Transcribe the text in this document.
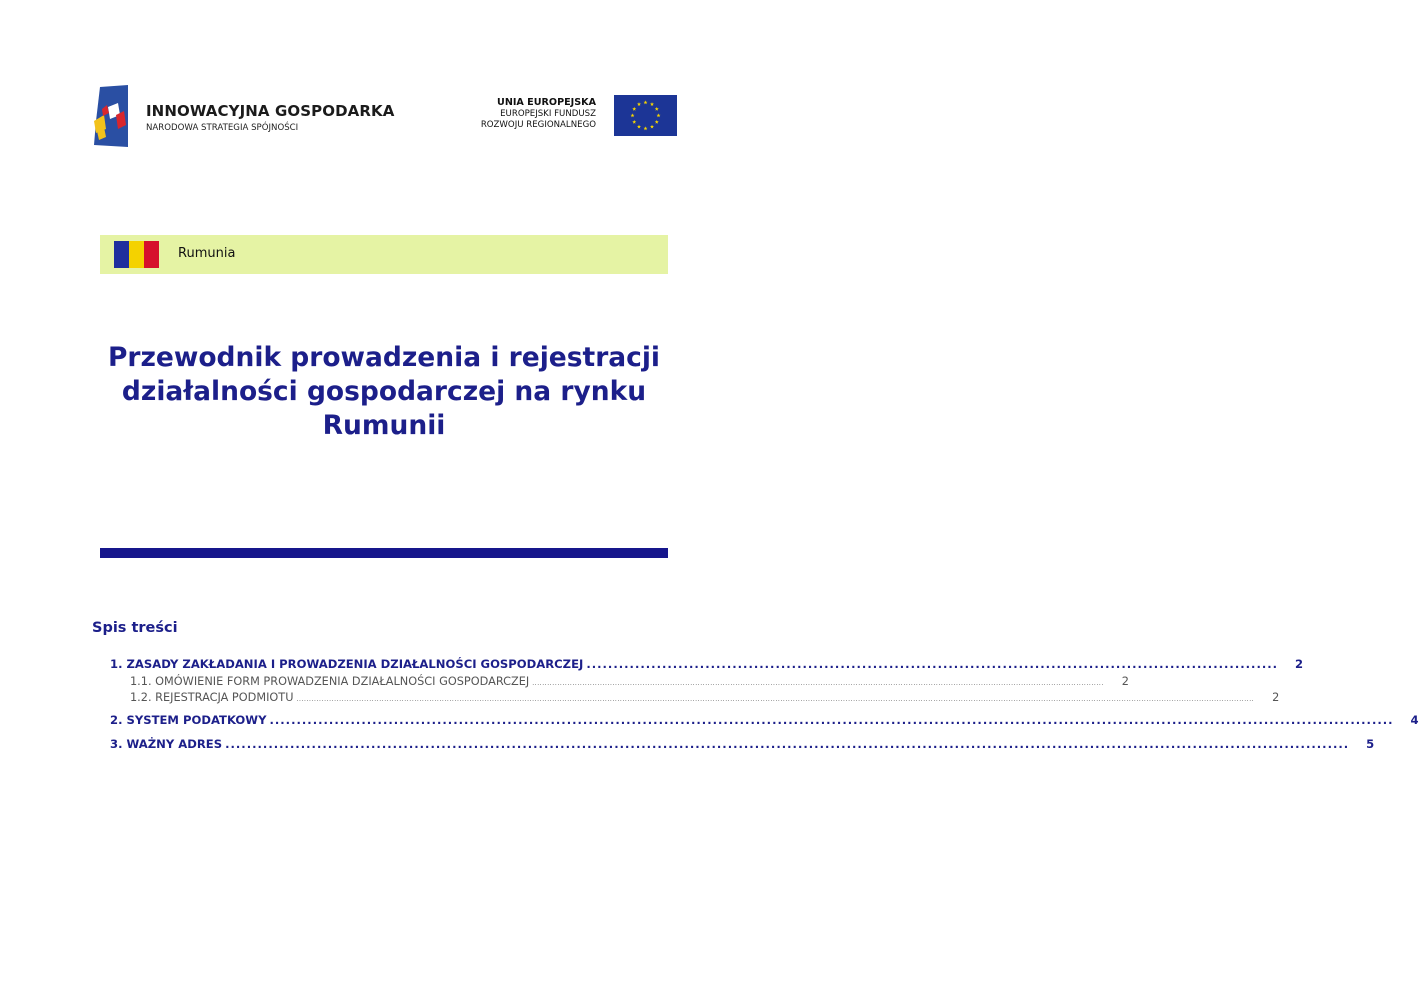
INNOWACYJNA GOSPODARKA
NARODOWA STRATEGIA SPÓJNOŚCI
UNIA EUROPEJSKA
EUROPEJSKI FUNDUSZ
ROZWOJU REGIONALNEGO
Rumunia
Przewodnik prowadzenia i rejestracji
działalności gospodarczej na rynku
Rumunii
Spis treści
1. ZASADY ZAKŁADANIA I PROWADZENIA DZIAŁALNOŚCI GOSPODARCZEJ ................................................................................................................................	2
1.1. OMÓWIENIE FORM PROWADZENIA DZIAŁALNOŚCI GOSPODARCZEJ ....................................................................................................................................................................................................................................	2
1.2. REJESTRACJA PODMIOTU ..............................................................................................................................................................................................................................................................................................................................................................................................	2
2. SYSTEM PODATKOWY ................................................................................................................................................................................................................	4
3. WAŻNY ADRES ................................................................................................................................................................................................................	5
